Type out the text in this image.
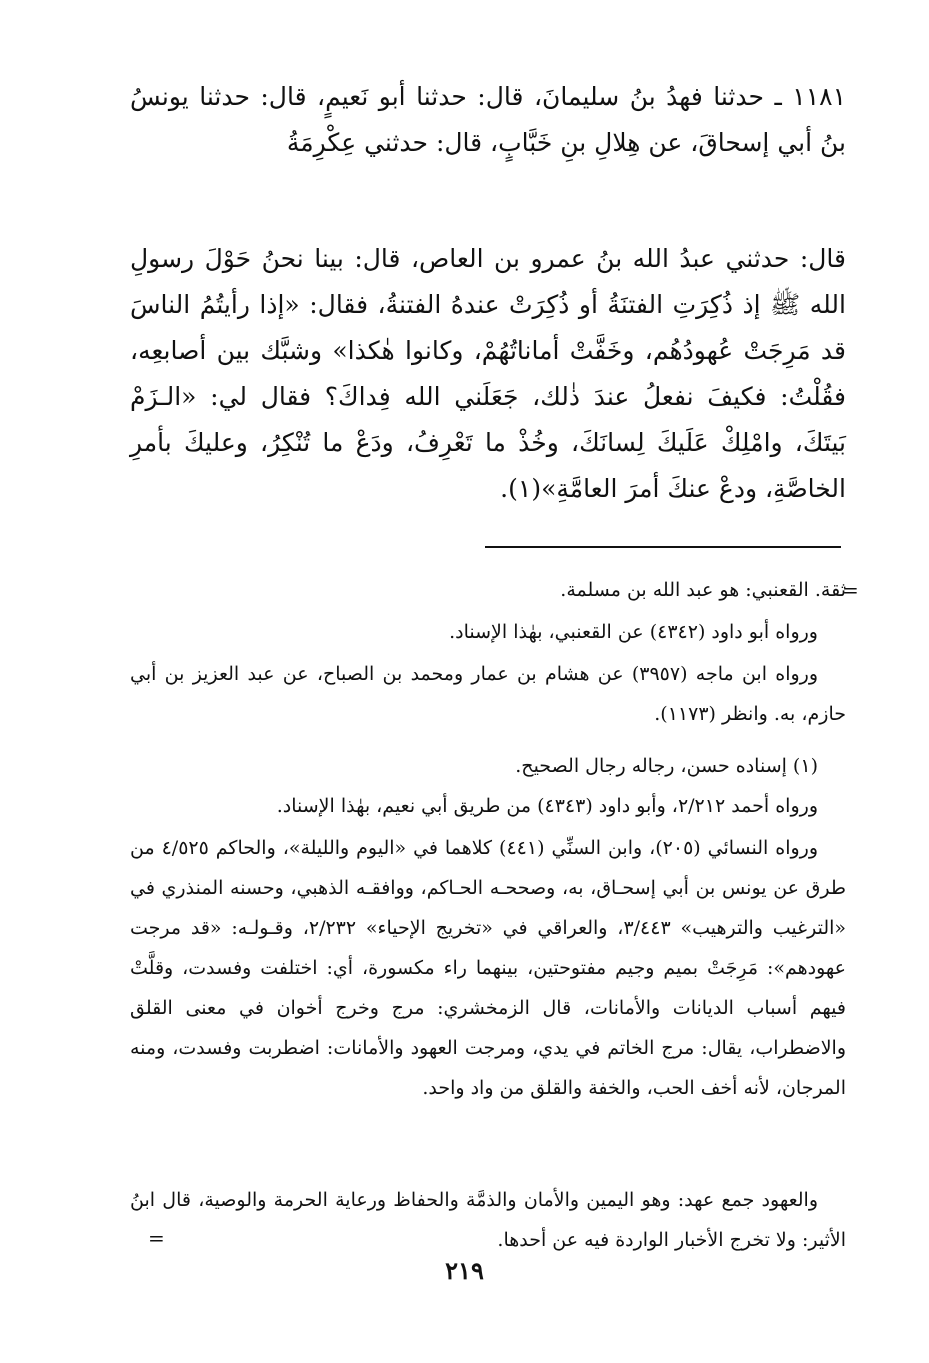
١١٨١ ـ حدثنا فهدُ بنُ سليمانَ، قال: حدثنا أبو نَعيمٍ، قال: حدثنا يونسُ بنُ أبي إسحاقَ، عن هِلالِ بنِ خَبَّابٍ، قال: حدثني عِكْرِمَةُ

قال: حدثني عبدُ الله بنُ عمرو بن العاص، قال: بينا نحنُ حَوْلَ رسولِ الله ﷺ إذ ذُكِرَتِ الفتنَةُ أو ذُكِرَتْ عندهُ الفتنةُ، فقال: «إذا رأيتُمُ الناسَ قد مَرِجَتْ عُهودُهُم، وخَفَّتْ أماناتُهُمْ، وكانوا هٰكذا» وشبَّك بين أصابعِه، فقُلْتُ: فكيفَ نفعلُ عندَ ذٰلك، جَعَلَني الله فِداكَ؟ فقال لي: «الـزَمْ بَيتَكَ، وامْلِكْ عَلَيكَ لِسانَكَ، وخُذْ ما تَعْرِفُ، ودَعْ ما تُنْكِرُ، وعليكَ بأمرِ الخاصَّةِ، ودعْ عنكَ أمرَ العامَّةِ»(١).

=

ثقة. القعنبي: هو عبد الله بن مسلمة.

ورواه أبو داود (٤٣٤٢) عن القعنبي، بهٰذا الإسناد.

ورواه ابن ماجه (٣٩٥٧) عن هشام بن عمار ومحمد بن الصباح، عن عبد العزيز بن أبي حازم، به. وانظر (١١٧٣).

(١) إسناده حسن، رجاله رجال الصحيح.

ورواه أحمد ٢/٢١٢، وأبو داود (٤٣٤٣) من طريق أبي نعيم، بهٰذا الإسناد.

ورواه النسائي (٢٠٥)، وابن السنِّي (٤٤١) كلاهما في «اليوم والليلة»، والحاكم ٤/٥٢٥ من طرق عن يونس بن أبي إسحـاق، به، وصححـه الحـاكم، ووافقـه الذهبي، وحسنه المنذري في «الترغيب والترهيب» ٣/٤٤٣، والعراقي في «تخريج الإحياء» ٢/٢٣٢، وقـولـه: «قد مرجت عهودهم»: مَرِجَتْ بميم وجيم مفتوحتين، بينهما راء مكسورة، أي: اختلفت وفسدت، وقلَّتْ فيهم أسباب الديانات والأمانات، قال الزمخشري: مرج وخرج أخوان في معنى القلق والاضطراب، يقال: مرج الخاتم في يدي، ومرجت العهود والأمانات: اضطربت وفسدت، ومنه المرجان، لأنه أخف الحب، والخفة والقلق من واد واحد.

والعهود جمع عهد: وهو اليمين والأمان والذمَّة والحفاظ ورعاية الحرمة والوصية، قال ابنُ الأثير: ولا تخرج الأخبار الواردة فيه عن أحدها.

=
٢١٩
